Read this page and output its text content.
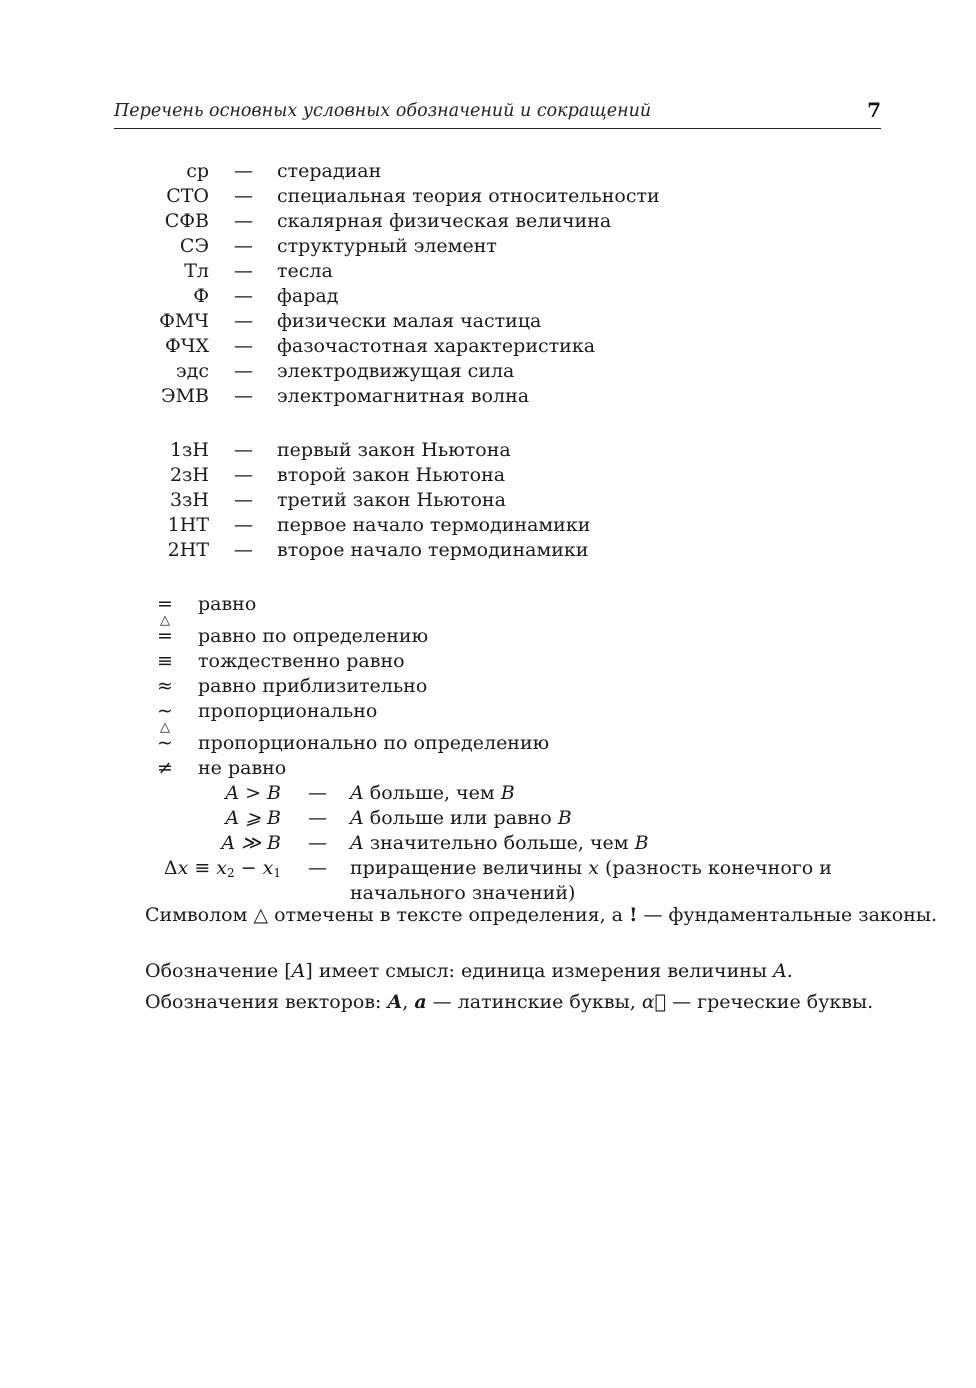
Перечень основных условных обозначений и сокращений	7
ср — стерадиан
СТО — специальная теория относительности
СФВ — скалярная физическая величина
СЭ — структурный элемент
Тл — тесла
Ф — фарад
ФМЧ — физически малая частица
ФЧХ — фазочастотная характеристика
эдс — электродвижущая сила
ЭМВ — электромагнитная волна
1зН — первый закон Ньютона
2зН — второй закон Ньютона
3зН — третий закон Ньютона
1НТ — первое начало термодинамики
2НТ — второе начало термодинамики
= равно
△
= равно по определению
≡ тождественно равно
≈ равно приблизительно
∼ пропорционально
△
∼ пропорционально по определению
≠ не равно
A > B — A больше, чем B
A ⩾ B — A больше или равно B
A ≫ B — A значительно больше, чем B
$\Delta x \equiv x_2 - x_1$ — приращение величины x (разность конечного и
начального значений)
Символом △ отмечены в тексте определения, а ! — фундаментальные законы.
Обозначение [A] имеет смысл: единица измерения величины A.
Обозначения векторов: A, a — латинские буквы, α⃗ — греческие буквы.
